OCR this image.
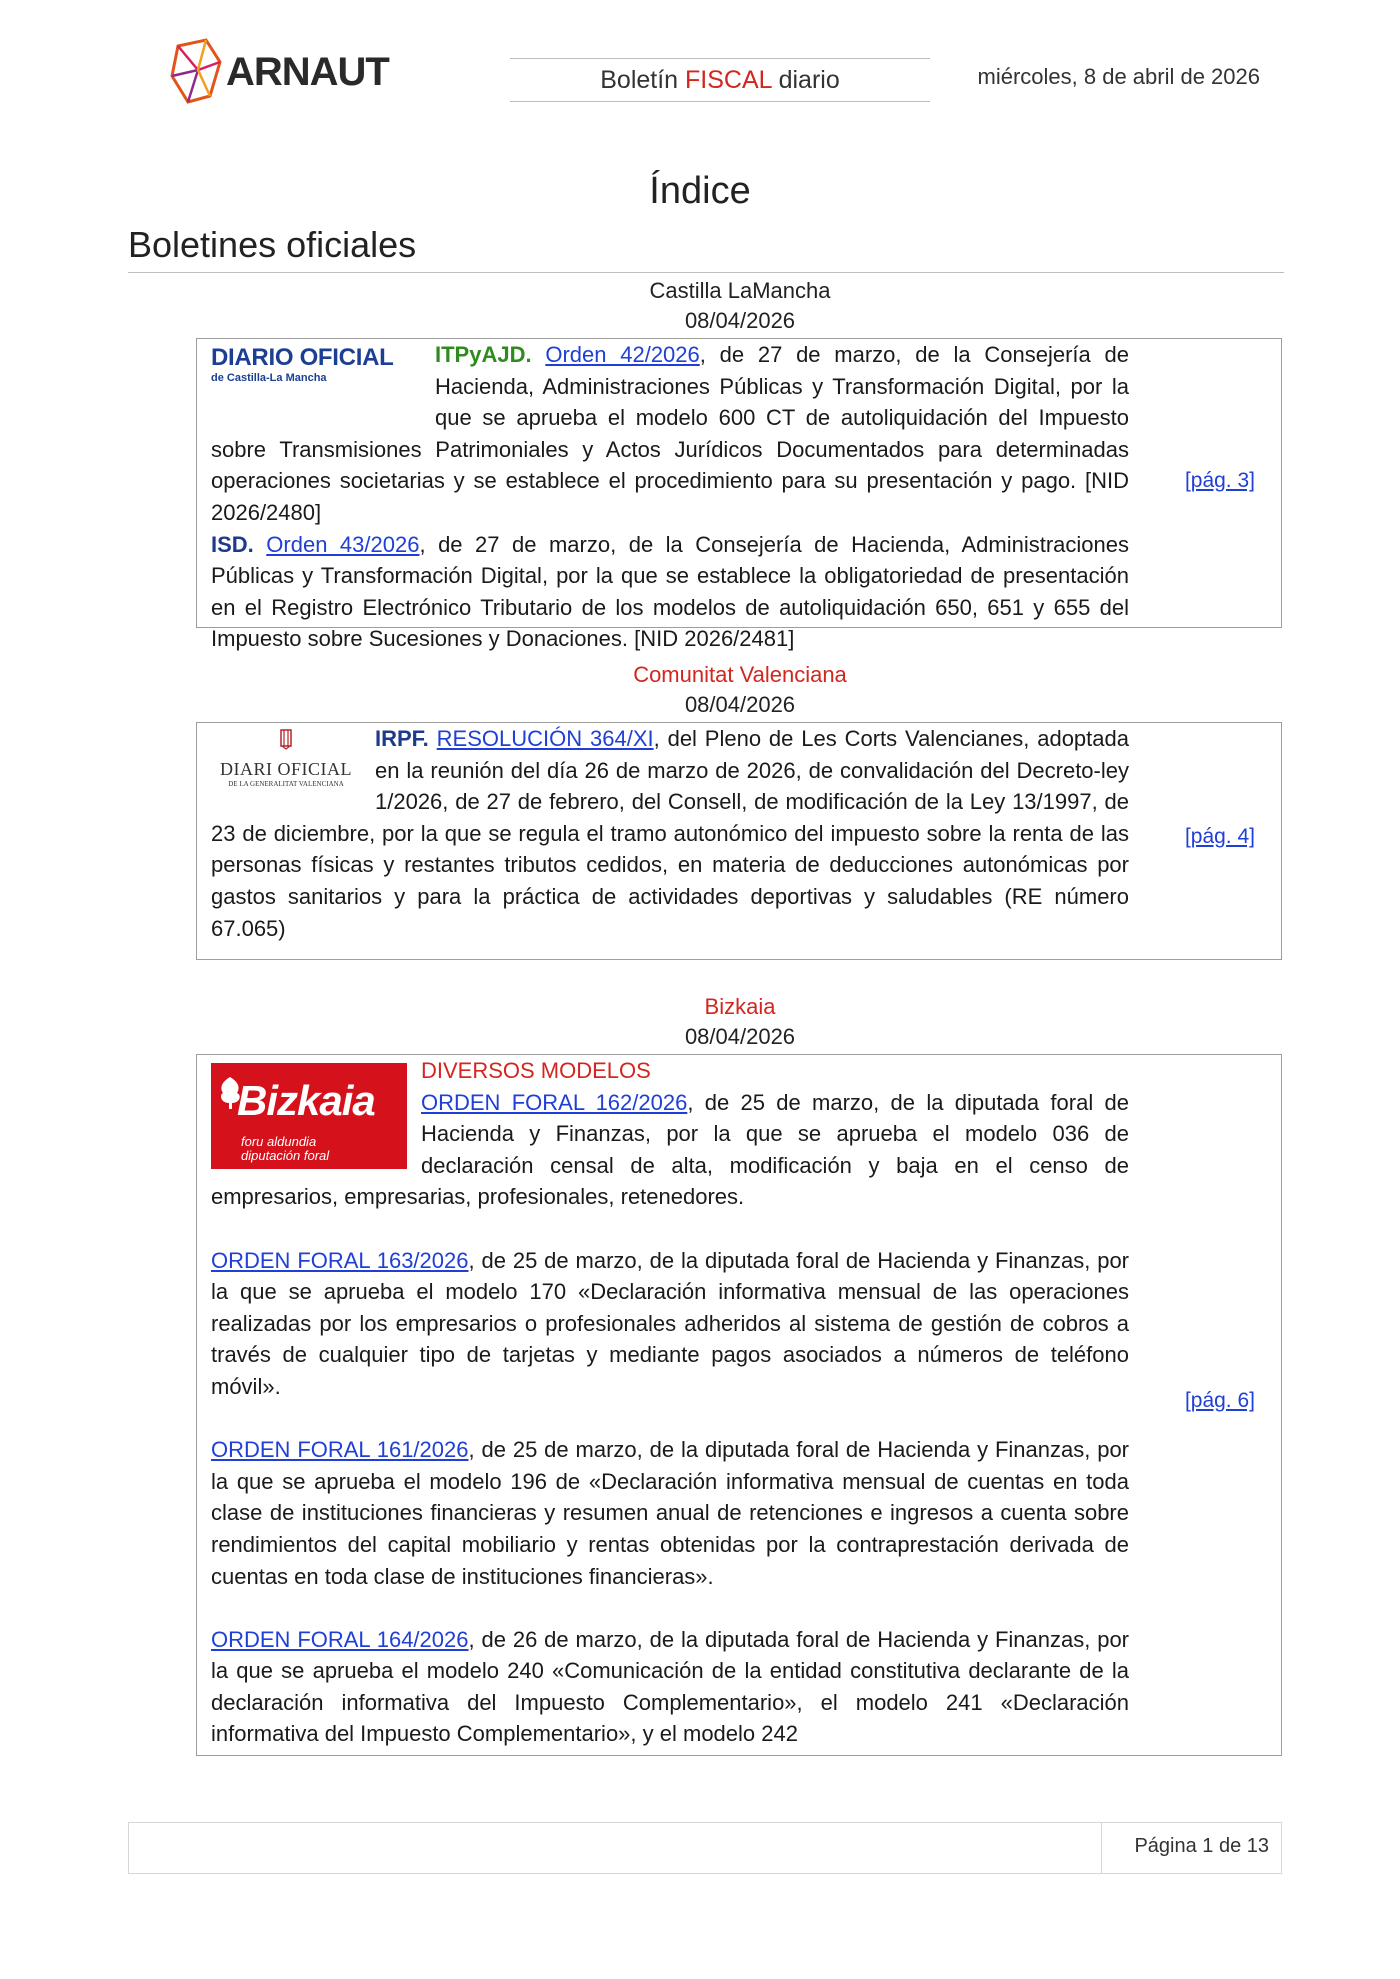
ARNAUT	Boletín FISCAL diario	miércoles, 8 de abril de 2026
Índice
Boletines oficiales
Castilla LaMancha
08/04/2026
DIARIO OFICIAL
de Castilla-La Mancha

ITPyAJD. Orden 42/2026, de 27 de marzo, de la Consejería de Hacienda, Administraciones Públicas y Transformación Digital, por la que se aprueba el modelo 600 CT de autoliquidación del Impuesto sobre Transmisiones Patrimoniales y Actos Jurídicos Documentados para determinadas operaciones societarias y se establece el procedimiento para su presentación y pago. [NID 2026/2480]

ISD. Orden 43/2026, de 27 de marzo, de la Consejería de Hacienda, Administraciones Públicas y Transformación Digital, por la que se establece la obligatoriedad de presentación en el Registro Electrónico Tributario de los modelos de autoliquidación 650, 651 y 655 del Impuesto sobre Sucesiones y Donaciones. [NID 2026/2481]

[pág. 3]
Comunitat Valenciana
08/04/2026
DIARI OFICIAL
DE LA GENERALITAT VALENCIANA

IRPF. RESOLUCIÓN 364/XI, del Pleno de Les Corts Valencianes, adoptada en la reunión del día 26 de marzo de 2026, de convalidación del Decreto-ley 1/2026, de 27 de febrero, del Consell, de modificación de la Ley 13/1997, de 23 de diciembre, por la que se regula el tramo autonómico del impuesto sobre la renta de las personas físicas y restantes tributos cedidos, en materia de deducciones autonómicas por gastos sanitarios y para la práctica de actividades deportivas y saludables (RE número 67.065)

[pág. 4]
Bizkaia
08/04/2026
Bizkaia
foru aldundia
diputación foral
DIVERSOS MODELOS

ORDEN FORAL 162/2026, de 25 de marzo, de la diputada foral de Hacienda y Finanzas, por la que se aprueba el modelo 036 de declaración censal de alta, modificación y baja en el censo de empresarios, empresarias, profesionales, retenedores.

ORDEN FORAL 163/2026, de 25 de marzo, de la diputada foral de Hacienda y Finanzas, por la que se aprueba el modelo 170 «Declaración informativa mensual de las operaciones realizadas por los empresarios o profesionales adheridos al sistema de gestión de cobros a través de cualquier tipo de tarjetas y mediante pagos asociados a números de teléfono móvil».

ORDEN FORAL 161/2026, de 25 de marzo, de la diputada foral de Hacienda y Finanzas, por la que se aprueba el modelo 196 de «Declaración informativa mensual de cuentas en toda clase de instituciones financieras y resumen anual de retenciones e ingresos a cuenta sobre rendimientos del capital mobiliario y rentas obtenidas por la contraprestación derivada de cuentas en toda clase de instituciones financieras».

ORDEN FORAL 164/2026, de 26 de marzo, de la diputada foral de Hacienda y Finanzas, por la que se aprueba el modelo 240 «Comunicación de la entidad constitutiva declarante de la declaración informativa del Impuesto Complementario», el modelo 241 «Declaración informativa del Impuesto Complementario», y el modelo 242

[pág. 6]
Página 1 de 13
